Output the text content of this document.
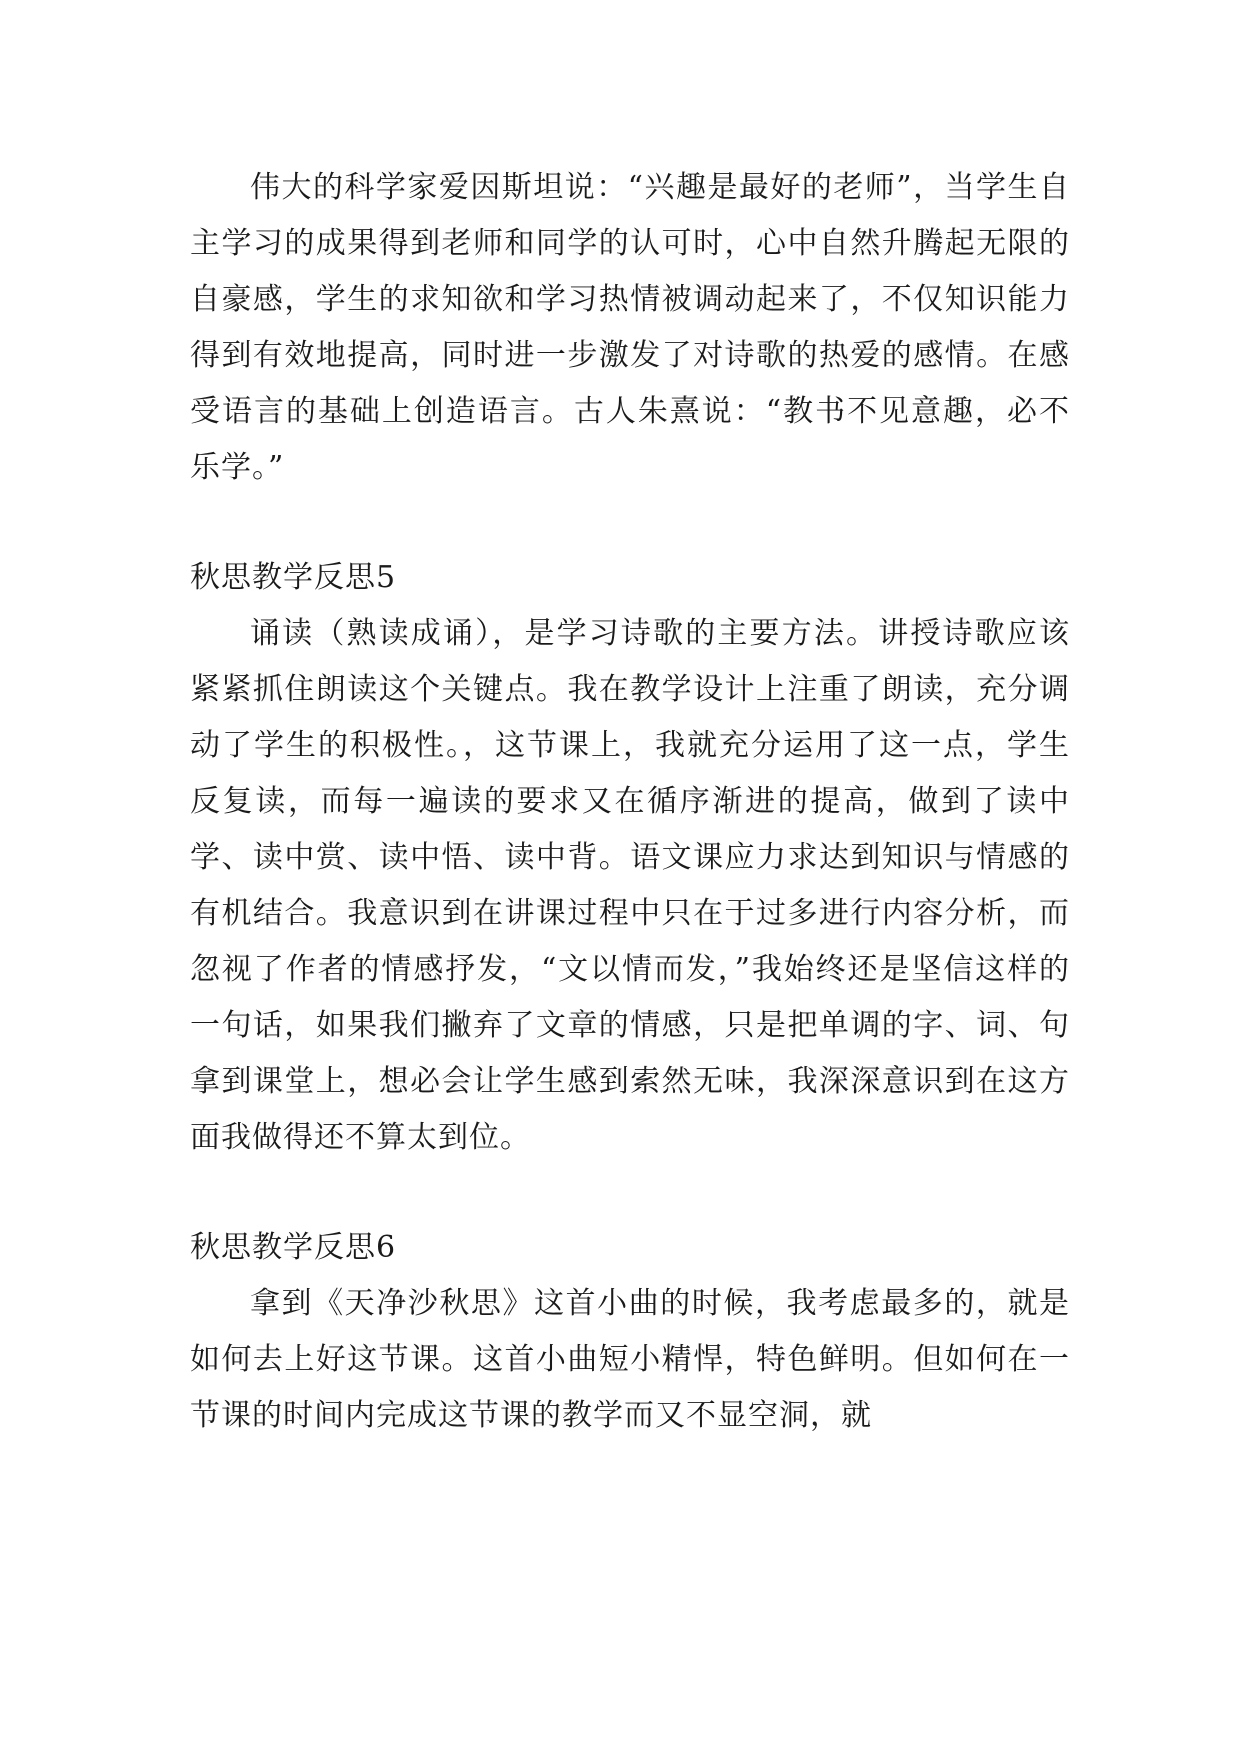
伟大的科学家爱因斯坦说：“兴趣是最好的老师”，当学生自主学习的成果得到老师和同学的认可时，心中自然升腾起无限的自豪感，学生的求知欲和学习热情被调动起来了，不仅知识能力得到有效地提高，同时进一步激发了对诗歌的热爱的感情。在感受语言的基础上创造语言。古人朱熹说：“教书不见意趣，必不乐学。”

秋思教学反思5

诵读（熟读成诵），是学习诗歌的主要方法。讲授诗歌应该紧紧抓住朗读这个关键点。我在教学设计上注重了朗读，充分调动了学生的积极性。，这节课上，我就充分运用了这一点，学生反复读，而每一遍读的要求又在循序渐进的提高，做到了读中学、读中赏、读中悟、读中背。语文课应力求达到知识与情感的有机结合。我意识到在讲课过程中只在于过多进行内容分析，而忽视了作者的情感抒发，“文以情而发，”我始终还是坚信这样的一句话，如果我们撇弃了文章的情感，只是把单调的字、词、句拿到课堂上，想必会让学生感到索然无味，我深深意识到在这方面我做得还不算太到位。

秋思教学反思6

拿到《天净沙秋思》这首小曲的时候，我考虑最多的，就是如何去上好这节课。这首小曲短小精悍，特色鲜明。但如何在一节课的时间内完成这节课的教学而又不显空洞，就
